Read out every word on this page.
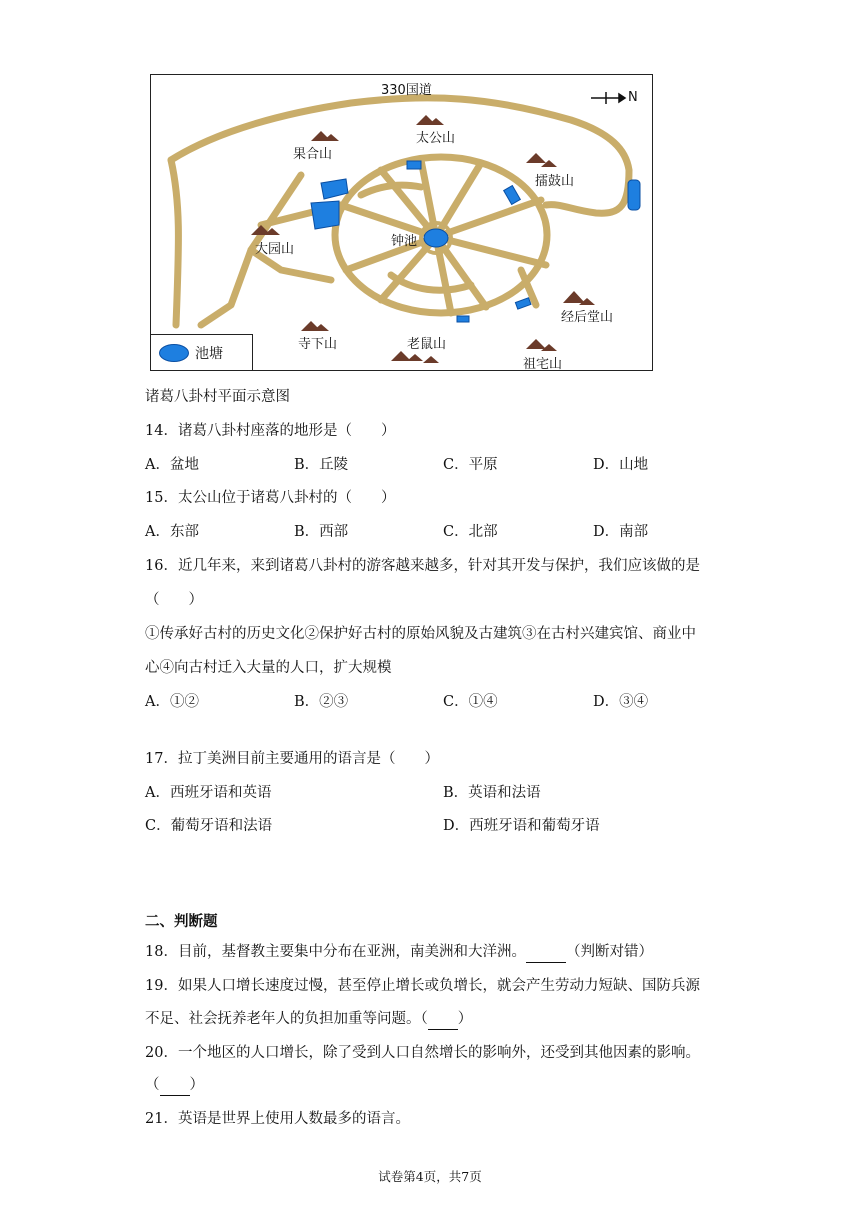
330国道	N
太公山
果合山
擂鼓山
大园山
钟池
经后堂山
寺下山	老鼠山
祖宅山
池塘
诸葛八卦村平面示意图
14．诸葛八卦村座落的地形是（　　）
A．盆地	B．丘陵	C．平原	D．山地
15．太公山位于诸葛八卦村的（　　）
A．东部	B．西部	C．北部	D．南部
16．近几年来，来到诸葛八卦村的游客越来越多，针对其开发与保护，我们应该做的是
（　　）
①传承好古村的历史文化②保护好古村的原始风貌及古建筑③在古村兴建宾馆、商业中
心④向古村迁入大量的人口，扩大规模
A．①②	B．②③	C．①④	D．③④
17．拉丁美洲目前主要通用的语言是（　　）
A．西班牙语和英语	B．英语和法语
C．葡萄牙语和法语	D．西班牙语和葡萄牙语
二、判断题
18．目前，基督教主要集中分布在亚洲，南美洲和大洋洲。	（判断对错）
19．如果人口增长速度过慢，甚至停止增长或负增长，就会产生劳动力短缺、国防兵源
不足、社会抚养老年人的负担加重等问题。（ ）
20．一个地区的人口增长，除了受到人口自然增长的影响外，还受到其他因素的影响。
（ ）
21．英语是世界上使用人数最多的语言。
试卷第4页，共7页
